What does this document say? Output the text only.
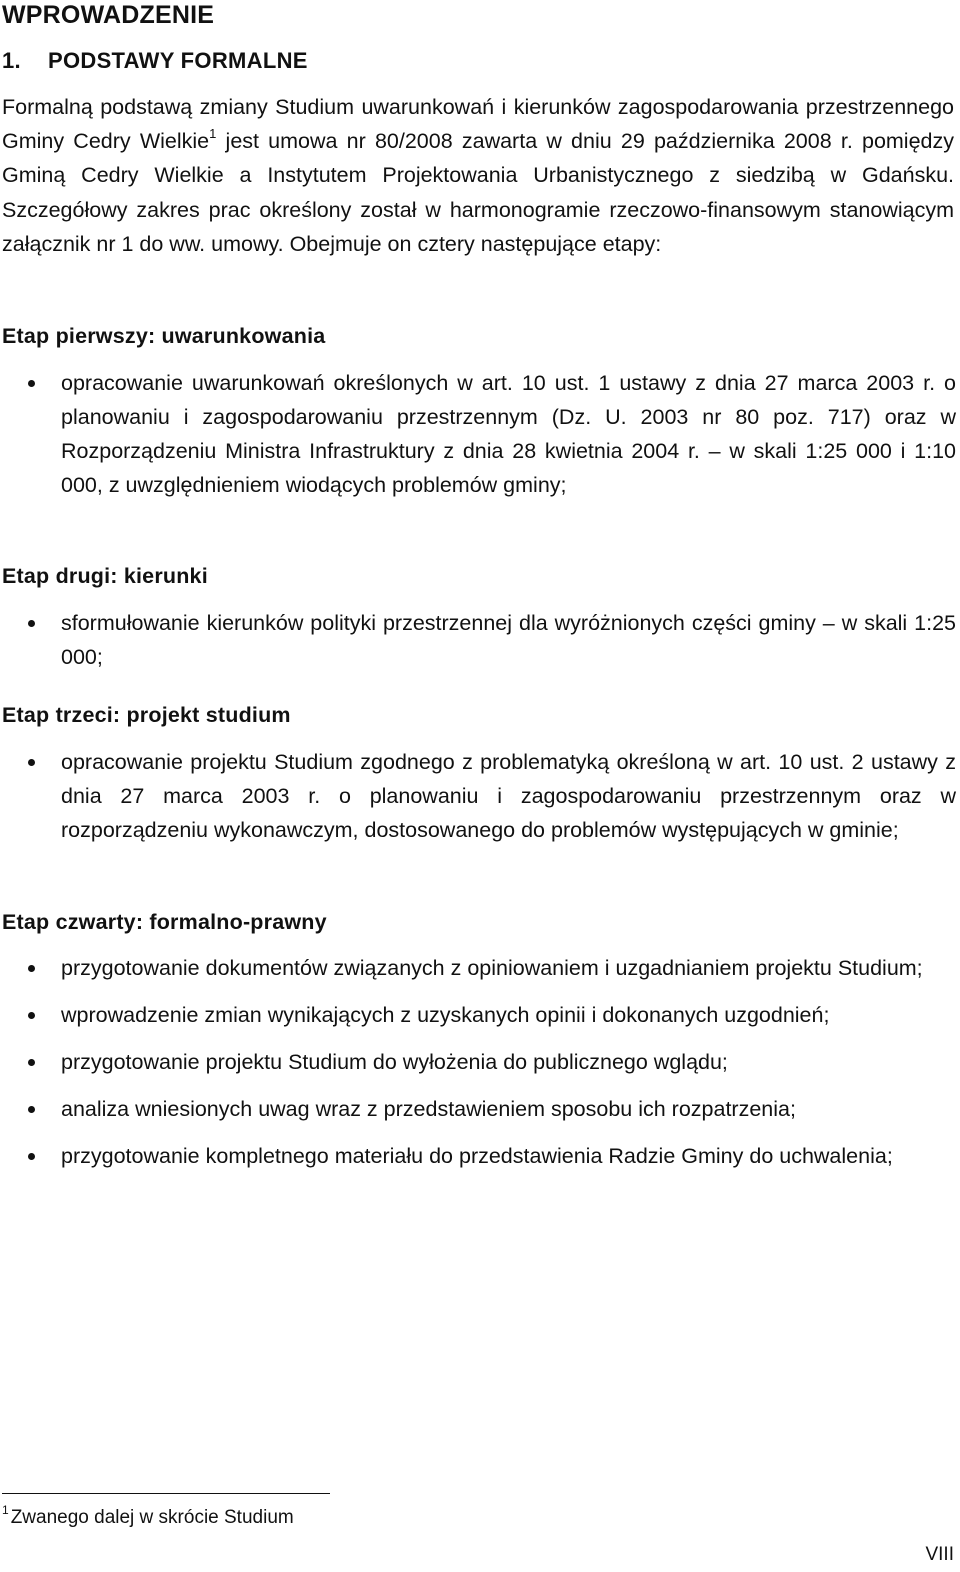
WPROWADZENIE
1. PODSTAWY FORMALNE

Formalną podstawą zmiany Studium uwarunkowań i kierunków zagospodarowania przestrzennego Gminy Cedry Wielkie$^1$ jest umowa nr 80/2008 zawarta w dniu 29 października 2008 r. pomiędzy Gminą Cedry Wielkie a Instytutem Projektowania Urbanistycznego z siedzibą w Gdańsku. Szczegółowy zakres prac określony został w harmonogramie rzeczowo-finansowym stanowiącym załącznik nr 1 do ww. umowy. Obejmuje on cztery następujące etapy:

Etap pierwszy: uwarunkowania
opracowanie uwarunkowań określonych w art. 10 ust. 1 ustawy z dnia 27 marca 2003 r. o planowaniu i zagospodarowaniu przestrzennym (Dz. U. 2003 nr 80 poz. 717) oraz w Rozporządzeniu Ministra Infrastruktury z dnia 28 kwietnia 2004 r. – w skali 1:25 000 i 1:10 000, z uwzględnieniem wiodących problemów gminy;
Etap drugi: kierunki
sformułowanie kierunków polityki przestrzennej dla wyróżnionych części gminy – w skali 1:25 000;
Etap trzeci: projekt studium
opracowanie projektu Studium zgodnego z problematyką określoną w art. 10 ust. 2 ustawy z dnia 27 marca 2003 r. o planowaniu i zagospodarowaniu przestrzennym oraz w rozporządzeniu wykonawczym, dostosowanego do problemów występujących w gminie;
Etap czwarty: formalno-prawny
przygotowanie dokumentów związanych z opiniowaniem i uzgadnianiem projektu Studium;
wprowadzenie zmian wynikających z uzyskanych opinii i dokonanych uzgodnień;
przygotowanie projektu Studium do wyłożenia do publicznego wglądu;
analiza wniesionych uwag wraz z przedstawieniem sposobu ich rozpatrzenia;
przygotowanie kompletnego materiału do przedstawienia Radzie Gminy do uchwalenia;

$^1$ Zwanego dalej w skrócie Studium

VIII
